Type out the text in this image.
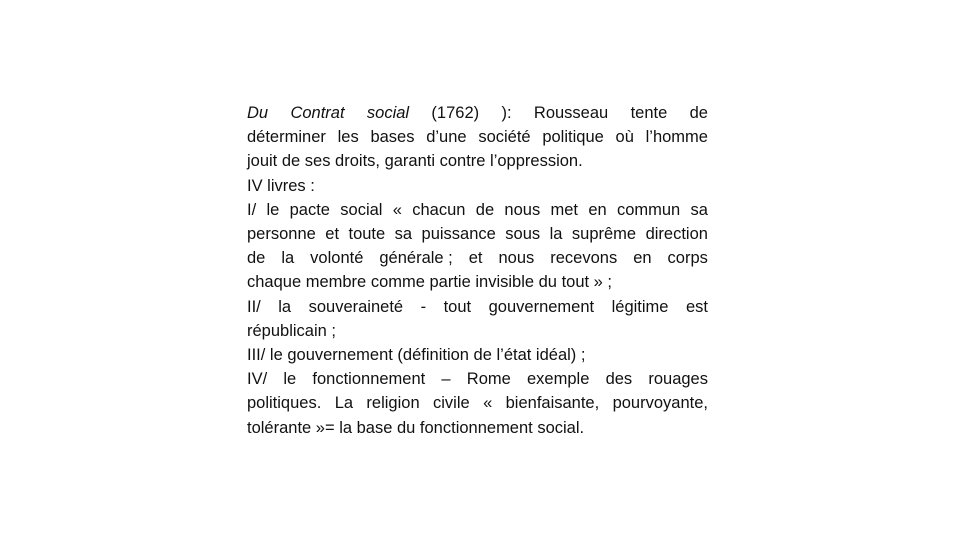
Du Contrat social (1762) ): Rousseau tente de
déterminer les bases d’une société politique où l’homme
jouit de ses droits, garanti contre l’oppression.
IV livres :
I/ le pacte social « chacun de nous met en commun sa
personne et toute sa puissance sous la suprême direction
de la volonté générale ; et nous recevons en corps
chaque membre comme partie invisible du tout » ;
II/ la souveraineté - tout gouvernement légitime est
républicain ;
III/ le gouvernement (définition de l’état idéal) ;
IV/ le fonctionnement – Rome exemple des rouages
politiques. La religion civile « bienfaisante, pourvoyante,
tolérante »= la base du fonctionnement social.
